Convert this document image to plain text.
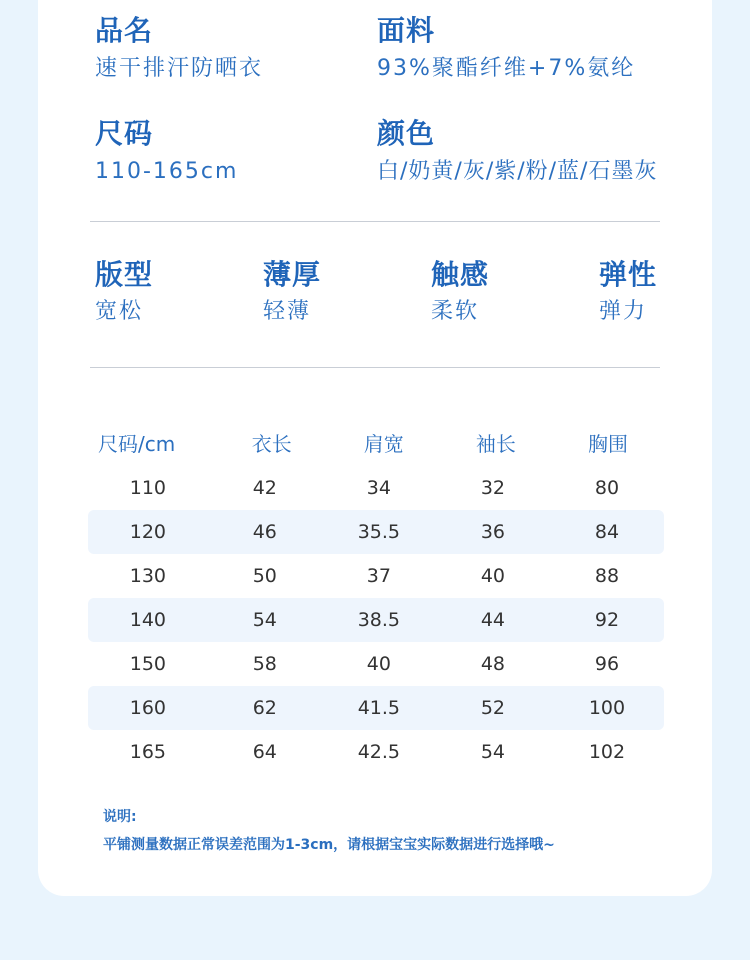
品名
速干排汗防晒衣
面料
93%聚酯纤维+7%氨纶
尺码
110-165cm
颜色
白/奶黄/灰/紫/粉/蓝/石墨灰
版型
宽松
薄厚
轻薄
触感
柔软
弹性
弹力
尺码/cm	衣长	肩宽	袖长	胸围
110	42	34	32	80
120	46	35.5	36	84
130	50	37	40	88
140	54	38.5	44	92
150	58	40	48	96
160	62	41.5	52	100
165	64	42.5	54	102
说明:
平铺测量数据正常误差范围为1-3cm，请根据宝宝实际数据进行选择哦~
